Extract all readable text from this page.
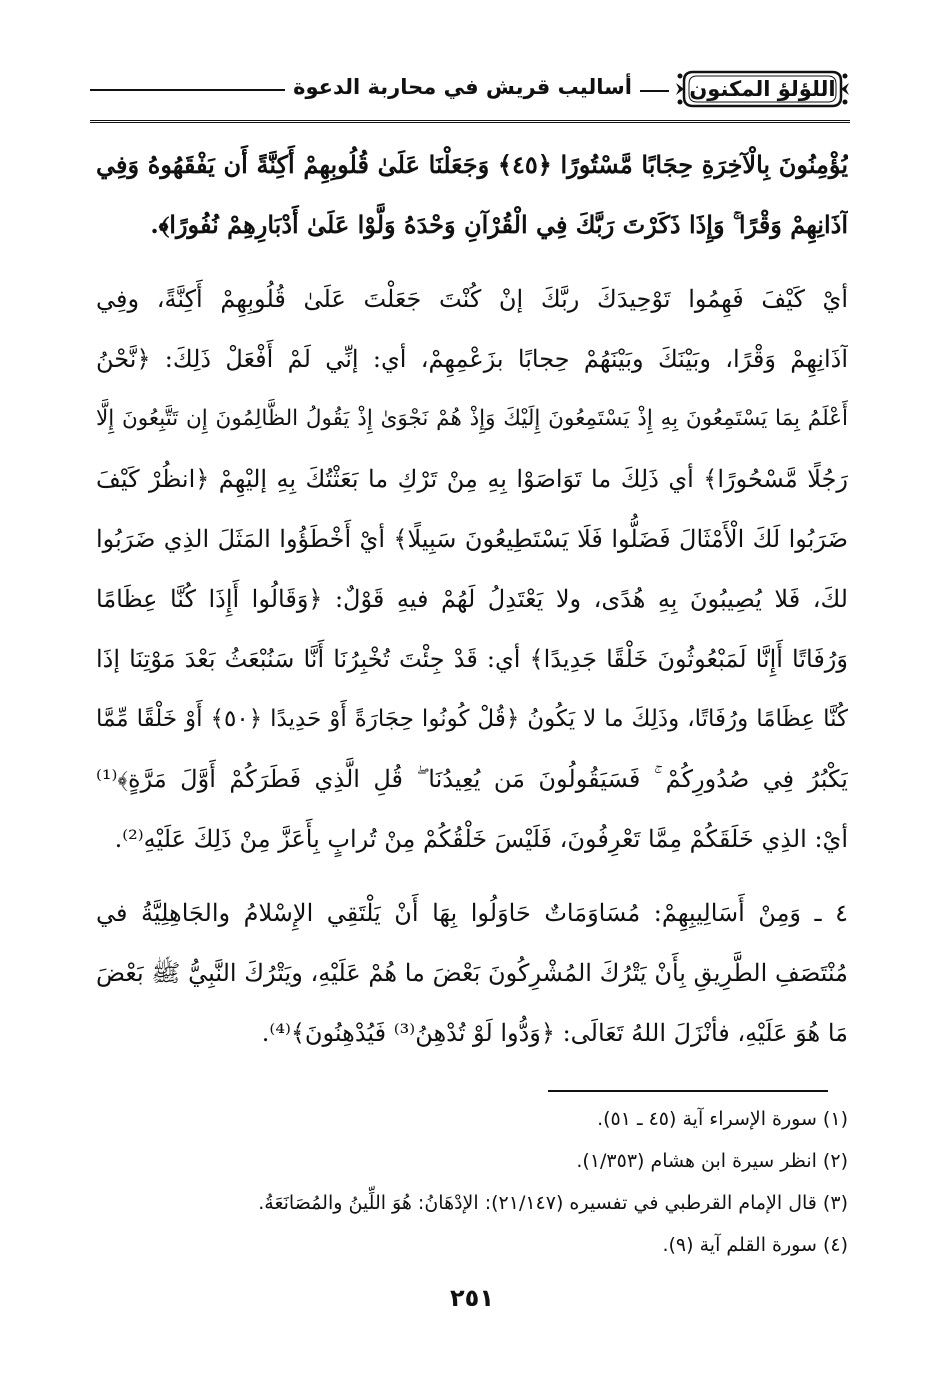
أساليب قريش في محاربة الدعوة	اللؤلؤ المكنون
يُؤْمِنُونَ بِالْآخِرَةِ حِجَابًا مَّسْتُورًا ﴿٤٥﴾ وَجَعَلْنَا عَلَىٰ قُلُوبِهِمْ أَكِنَّةً أَن يَفْقَهُوهُ وَفِي
آذَانِهِمْ وَقْرًا ۚ وَإِذَا ذَكَرْتَ رَبَّكَ فِي الْقُرْآنِ وَحْدَهُ وَلَّوْا عَلَىٰ أَدْبَارِهِمْ نُفُورًا﴾.
أيْ كَيْفَ فَهِمُوا تَوْحِيدَكَ ربَّكَ إنْ كُنْتَ جَعَلْتَ عَلَىٰ قُلُوبِهِمْ أَكِنَّةً، وفِي
آذَانِهِمْ وَقْرًا، وبَيْنَكَ وبَيْنَهُمْ حِجابًا بزَعْمِهِمْ، أي: إنِّي لَمْ أَفْعَلْ ذَلِكَ: ﴿نَّحْنُ
أَعْلَمُ بِمَا يَسْتَمِعُونَ بِهِ إِذْ يَسْتَمِعُونَ إِلَيْكَ وَإِذْ هُمْ نَجْوَىٰ إِذْ يَقُولُ الظَّالِمُونَ إِن تَتَّبِعُونَ إِلَّا
رَجُلًا مَّسْحُورًا﴾ أي ذَلِكَ ما تَوَاصَوْا بِهِ مِنْ تَرْكِ ما بَعَثْتُكَ بِهِ إليْهِمْ ﴿انظُرْ كَيْفَ
ضَرَبُوا لَكَ الْأَمْثَالَ فَضَلُّوا فَلَا يَسْتَطِيعُونَ سَبِيلًا﴾ أيْ أَخْطَؤُوا المَثَلَ الذِي ضَرَبُوا
لكَ، فَلا يُصِيبُونَ بِهِ هُدًى، ولا يَعْتَدِلُ لَهُمْ فيهِ قَوْلٌ: ﴿وَقَالُوا أَإِذَا كُنَّا عِظَامًا
وَرُفَاتًا أَإِنَّا لَمَبْعُوثُونَ خَلْقًا جَدِيدًا﴾ أي: قَدْ جِئْتَ تُخْبِرُنَا أَنَّا سَنُبْعَثُ بَعْدَ مَوْتِنَا إذَا
كُنَّا عِظَامًا ورُفَاتًا، وذَلِكَ ما لا يَكُونُ ﴿قُلْ كُونُوا حِجَارَةً أَوْ حَدِيدًا ﴿٥٠﴾ أَوْ خَلْقًا مِّمَّا
يَكْبُرُ فِي صُدُورِكُمْ ۚ فَسَيَقُولُونَ مَن يُعِيدُنَا ۖ قُلِ الَّذِي فَطَرَكُمْ أَوَّلَ مَرَّةٍ﴾⁽¹⁾
أيْ: الذِي خَلَقَكُمْ مِمَّا تَعْرِفُونَ، فَلَيْسَ خَلْقُكُمْ مِنْ تُرابٍ بِأَعَزَّ مِنْ ذَلِكَ عَلَيْهِ⁽²⁾.
٤ ـ وَمِنْ أَسَالِيبِهِمْ: مُسَاوَمَاتٌ حَاوَلُوا بِهَا أَنْ يَلْتَقِي الإِسْلامُ والجَاهِلِيَّةُ في
مُنْتَصَفِ الطَّرِيقِ بِأَنْ يَتْرُكَ المُشْرِكُونَ بَعْضَ ما هُمْ عَلَيْهِ، ويَتْرُكَ النَّبِيُّ ﷺ بَعْضَ
مَا هُوَ عَلَيْهِ، فأنْزَلَ اللهُ تَعَالَى: ﴿وَدُّوا لَوْ تُدْهِنُ⁽³⁾ فَيُدْهِنُونَ﴾⁽⁴⁾.
(١) سورة الإسراء آية (٤٥ ـ ٥١).
(٢) انظر سيرة ابن هشام (١/٣٥٣).
(٣) قال الإمام القرطبي في تفسيره (٢١/١٤٧): الإدْهَانُ: هُوَ اللِّينُ والمُصَانَعَةُ.
(٤) سورة القلم آية (٩).
٢٥١
